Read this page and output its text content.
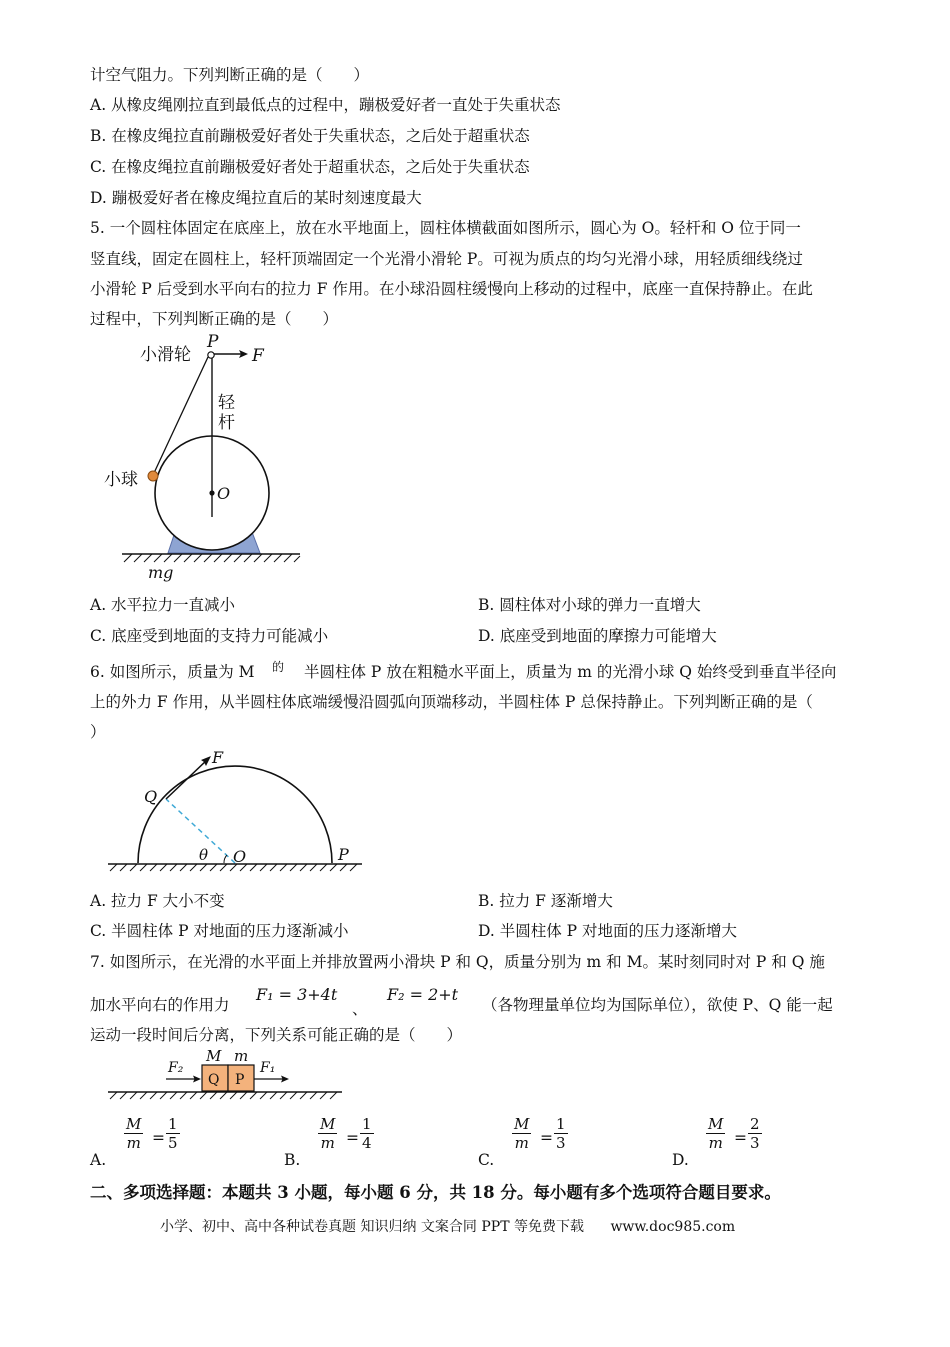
计空气阻力。下列判断正确的是（　　）
A. 从橡皮绳刚拉直到最低点的过程中，蹦极爱好者一直处于失重状态
B. 在橡皮绳拉直前蹦极爱好者处于失重状态，之后处于超重状态
C. 在橡皮绳拉直前蹦极爱好者处于超重状态，之后处于失重状态
D. 蹦极爱好者在橡皮绳拉直后的某时刻速度最大
5. 一个圆柱体固定在底座上，放在水平地面上，圆柱体横截面如图所示，圆心为 O。轻杆和 O 位于同一
竖直线，固定在圆柱上，轻杆顶端固定一个光滑小滑轮 P。可视为质点的均匀光滑小球，用轻质细线绕过
小滑轮 P 后受到水平向右的拉力 F 作用。在小球沿圆柱缓慢向上移动的过程中，底座一直保持静止。在此
过程中，下列判断正确的是（　　）
小滑轮
P
F
轻
杆
小球
O
mg
A. 水平拉力一直减小	B. 圆柱体对小球的弹力一直增大
C. 底座受到地面的支持力可能减小	D. 底座受到地面的摩擦力可能增大
6. 如图所示，质量为 M 的 半圆柱体 P 放在粗糙水平面上，质量为 m 的光滑小球 Q 始终受到垂直半径向
上的外力 F 作用，从半圆柱体底端缓慢沿圆弧向顶端移动，半圆柱体 P 总保持静止。下列判断正确的是（
）
F
Q
θ O	P
A. 拉力 F 大小不变	B. 拉力 F 逐渐增大
C. 半圆柱体 P 对地面的压力逐渐减小	D. 半圆柱体 P 对地面的压力逐渐增大
7. 如图所示，在光滑的水平面上并排放置两小滑块 P 和 Q，质量分别为 m 和 M。某时刻同时对 P 和 Q 施
加水平向右的作用力
F₁ = 3+4t
、
F₂ = 2+t
（各物理量单位均为国际单位），欲使 P、Q 能一起
运动一段时间后分离，下列关系可能正确的是（　　）
F₂
M m
Q P
F₁
A.
$\frac{M}{m} = \frac{1}{5}$
B.
$\frac{M}{m} = \frac{1}{4}$
C.
$\frac{M}{m} = \frac{1}{3}$
D.
$\frac{M}{m} = \frac{2}{3}$
二、多项选择题：本题共 3 小题，每小题 6 分，共 18 分。每小题有多个选项符合题目要求。
小学、初中、高中各种试卷真题 知识归纳 文案合同 PPT 等免费下载 www.doc985.com
